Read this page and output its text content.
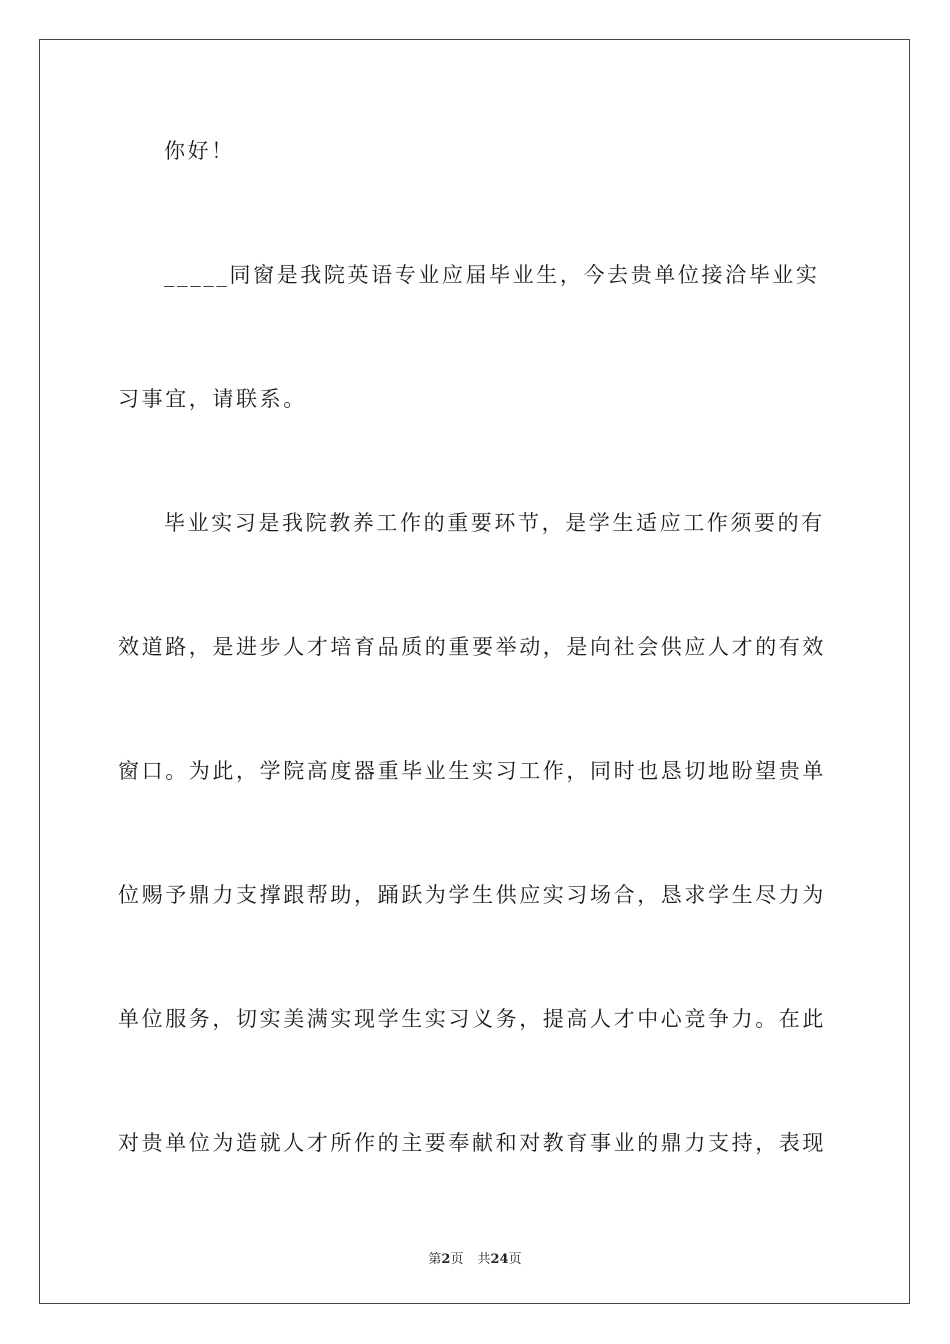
你好！
_____同窗是我院英语专业应届毕业生，今去贵单位接洽毕业实
习事宜，请联系。
毕业实习是我院教养工作的重要环节，是学生适应工作须要的有
效道路，是进步人才培育品质的重要举动，是向社会供应人才的有效
窗口。为此，学院高度器重毕业生实习工作，同时也恳切地盼望贵单
位赐予鼎力支撑跟帮助，踊跃为学生供应实习场合，恳求学生尽力为
单位服务，切实美满实现学生实习义务，提高人才中心竞争力。在此
对贵单位为造就人才所作的主要奉献和对教育事业的鼎力支持，表现
第2页 共24页
